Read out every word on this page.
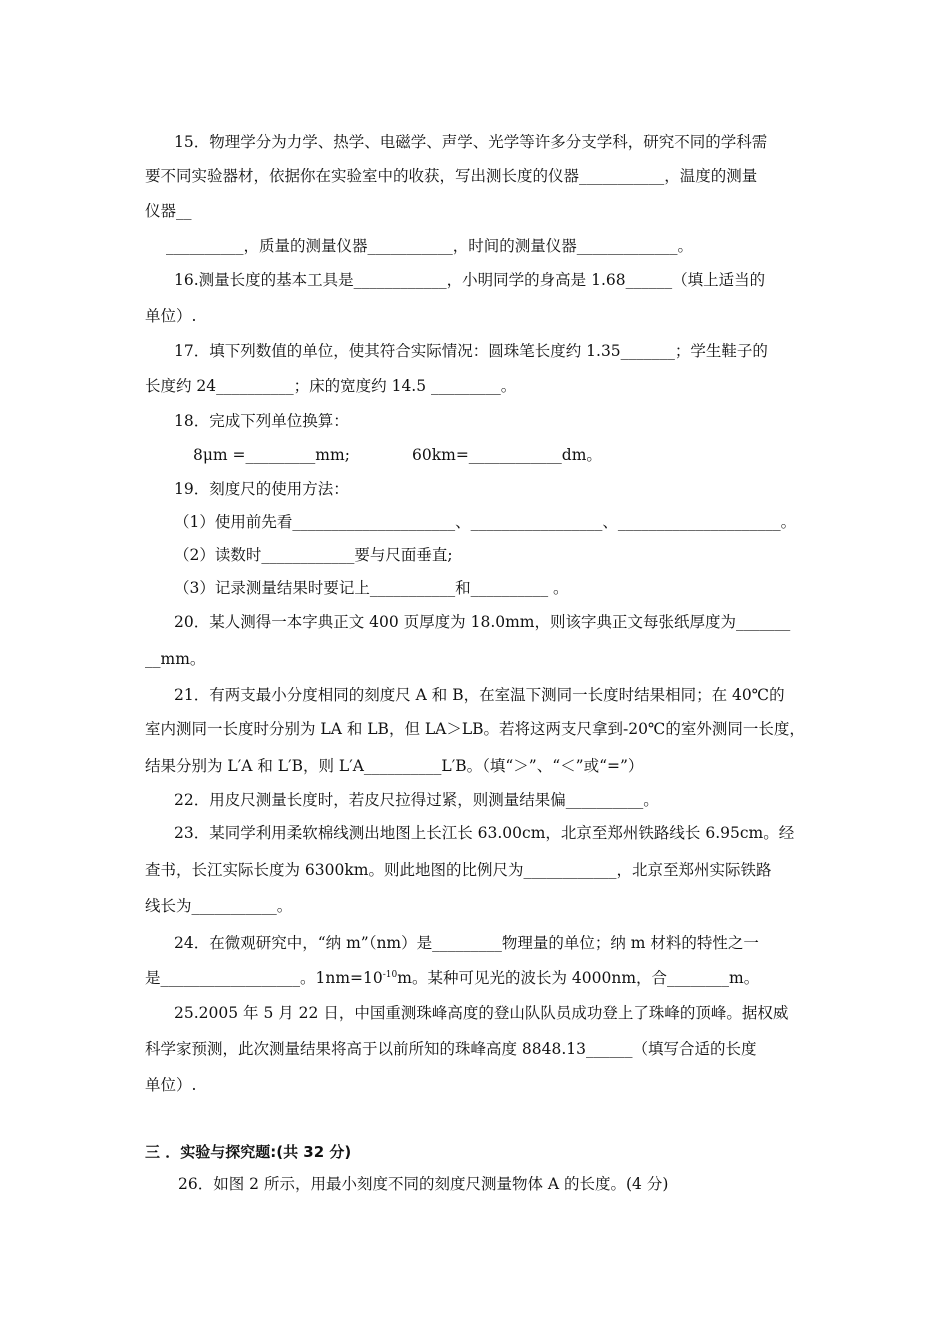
15．物理学分为力学、热学、电磁学、声学、光学等许多分支学科，研究不同的学科需
要不同实验器材，依据你在实验室中的收获，写出测长度的仪器___________，温度的测量
仪器__
__________，质量的测量仪器___________，时间的测量仪器_____________。
16.测量长度的基本工具是____________，小明同学的身高是 1.68______（填上适当的
单位）.
17．填下列数值的单位，使其符合实际情况：圆珠笔长度约 1.35_______；学生鞋子的
长度约 24__________；床的宽度约 14.5 _________。
18．完成下列单位换算：
8μm =_________mm;	60km=____________dm。
19．刻度尺的使用方法：
（1）使用前先看_____________________、_________________、_____________________。
（2）读数时____________要与尺面垂直;
（3）记录测量结果时要记上___________和__________ 。
20．某人测得一本字典正文 400 页厚度为 18.0mm，则该字典正文每张纸厚度为_______
__mm。
21．有两支最小分度相同的刻度尺 A 和 B，在室温下测同一长度时结果相同；在 40℃的
室内测同一长度时分别为 LA 和 LB，但 LA＞LB。若将这两支尺拿到-20℃的室外测同一长度，
结果分别为 L′A 和 L′B，则 L′A__________L′B。（填“＞”、“＜”或“=”）
22．用皮尺测量长度时，若皮尺拉得过紧，则测量结果偏__________。
23．某同学利用柔软棉线测出地图上长江长 63.00cm，北京至郑州铁路线长 6.95cm。经
查书，长江实际长度为 6300km。则此地图的比例尺为____________，北京至郑州实际铁路
线长为___________。
24．在微观研究中，“纳 m”（nm）是_________物理量的单位；纳 m 材料的特性之一
是__________________。$1nm=10^{-10}m$。某种可见光的波长为 4000nm，合________m。
25.2005 年 5 月 22 日，中国重测珠峰高度的登山队队员成功登上了珠峰的顶峰。据权威
科学家预测，此次测量结果将高于以前所知的珠峰高度 8848.13______（填写合适的长度
单位）.
三 ．实验与探究题:(共 32 分)
26．如图 2 所示，用最小刻度不同的刻度尺测量物体 A 的长度。(4 分)
